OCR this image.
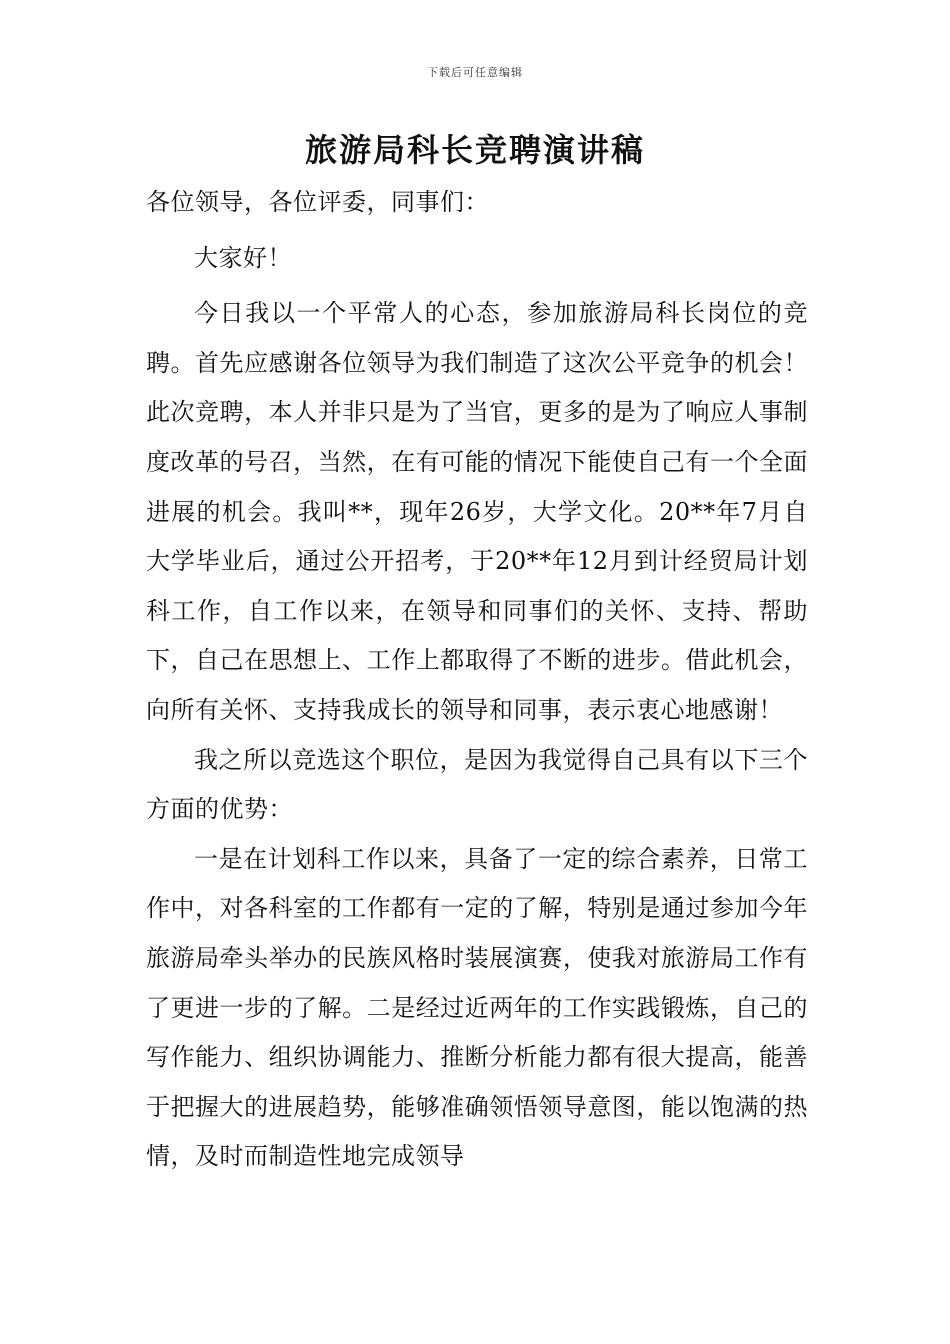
下载后可任意编辑
旅游局科长竞聘演讲稿

各位领导，各位评委，同事们：

大家好！

今日我以一个平常人的心态，参加旅游局科长岗位的竞聘。首先应感谢各位领导为我们制造了这次公平竞争的机会！此次竞聘，本人并非只是为了当官，更多的是为了响应人事制度改革的号召，当然，在有可能的情况下能使自己有一个全面进展的机会。我叫**，现年26岁，大学文化。20**年7月自大学毕业后，通过公开招考，于20**年12月到计经贸局计划科工作，自工作以来，在领导和同事们的关怀、支持、帮助下，自己在思想上、工作上都取得了不断的进步。借此机会，向所有关怀、支持我成长的领导和同事，表示衷心地感谢！

我之所以竞选这个职位，是因为我觉得自己具有以下三个方面的优势：

一是在计划科工作以来，具备了一定的综合素养，日常工作中，对各科室的工作都有一定的了解，特别是通过参加今年旅游局牵头举办的民族风格时装展演赛，使我对旅游局工作有了更进一步的了解。二是经过近两年的工作实践锻炼，自己的写作能力、组织协调能力、推断分析能力都有很大提高，能善于把握大的进展趋势，能够准确领悟领导意图，能以饱满的热情，及时而制造性地完成领导
